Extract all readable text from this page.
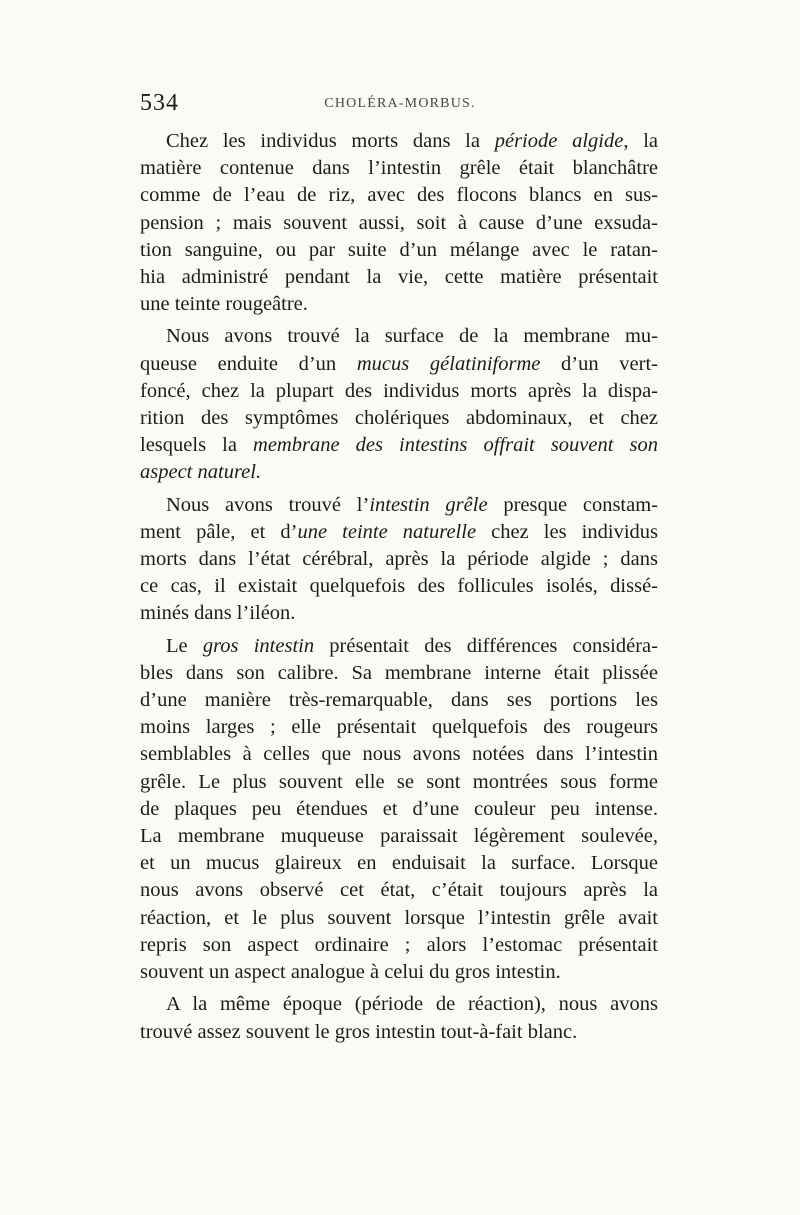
534	CHOLÉRA-MORBUS.
Chez les individus morts dans la période algide, la
matière contenue dans l’intestin grêle était blanchâtre
comme de l’eau de riz, avec des flocons blancs en sus-
pension ; mais souvent aussi, soit à cause d’une exsuda-
tion sanguine, ou par suite d’un mélange avec le ratan-
hia administré pendant la vie, cette matière présentait
une teinte rougeâtre.
Nous avons trouvé la surface de la membrane mu-
queuse enduite d’un mucus gélatiniforme d’un vert-
foncé, chez la plupart des individus morts après la dispa-
rition des symptômes cholériques abdominaux, et chez
lesquels la membrane des intestins offrait souvent son
aspect naturel.
Nous avons trouvé l’intestin grêle presque constam-
ment pâle, et d’une teinte naturelle chez les individus
morts dans l’état cérébral, après la période algide ; dans
ce cas, il existait quelquefois des follicules isolés, dissé-
minés dans l’iléon.
Le gros intestin présentait des différences considéra-
bles dans son calibre. Sa membrane interne était plissée
d’une manière très-remarquable, dans ses portions les
moins larges ; elle présentait quelquefois des rougeurs
semblables à celles que nous avons notées dans l’intestin
grêle. Le plus souvent elle se sont montrées sous forme
de plaques peu étendues et d’une couleur peu intense.
La membrane muqueuse paraissait légèrement soulevée,
et un mucus glaireux en enduisait la surface. Lorsque
nous avons observé cet état, c’était toujours après la
réaction, et le plus souvent lorsque l’intestin grêle avait
repris son aspect ordinaire ; alors l’estomac présentait
souvent un aspect analogue à celui du gros intestin.
A la même époque (période de réaction), nous avons
trouvé assez souvent le gros intestin tout-à-fait blanc.
